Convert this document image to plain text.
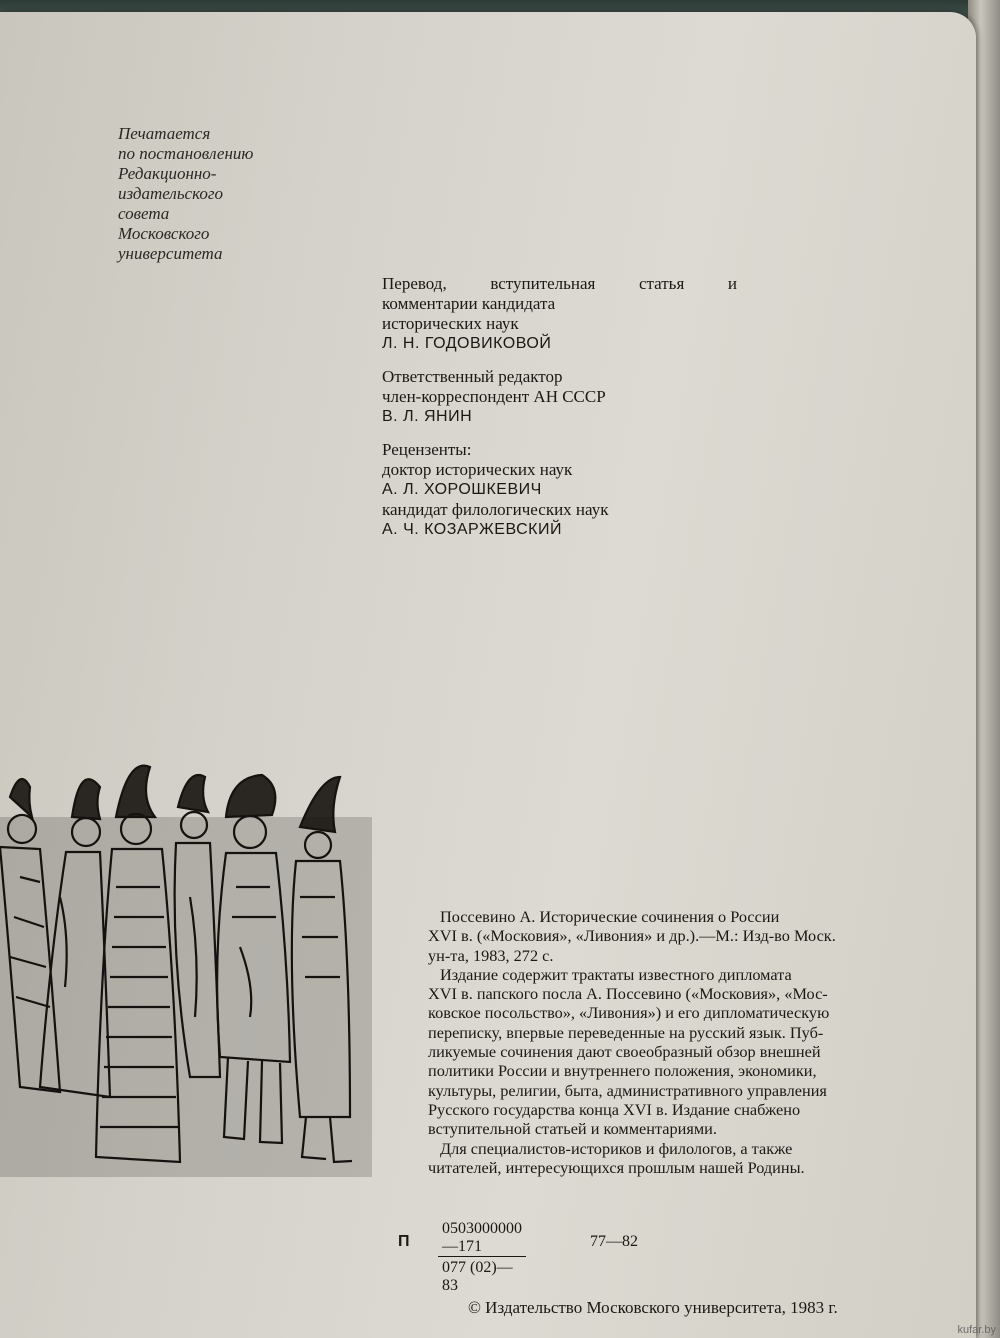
Печатается
по постановлению
Редакционно-
издательского
совета
Московского
университета
Перевод,	вступительная	статья	и
комментарии кандидата
исторических наук
Л. Н. ГОДОВИКОВОЙ
Ответственный редактор
член-корреспондент АН СССР
В. Л. ЯНИН
Рецензенты:
доктор исторических наук
А. Л. ХОРОШКЕВИЧ
кандидат филологических наук
А. Ч. КОЗАРЖЕВСКИЙ
Поссевино А. Исторические сочинения о России
XVI в. («Московия», «Ливония» и др.).—М.: Изд-во Моск.
ун-та, 1983, 272 с.
Издание содержит трактаты известного дипломата
XVI в. папского посла А. Поссевино («Московия», «Мос-
ковское посольство», «Ливония») и его дипломатическую
переписку, впервые переведенные на русский язык. Пуб-
ликуемые сочинения дают своеобразный обзор внешней
политики России и внутреннего положения, экономики,
культуры, религии, быта, административного управления
Русского государства конца XVI в. Издание снабжено
вступительной статьей и комментариями.
Для специалистов-историков и филологов, а также
читателей, интересующихся прошлым нашей Родины.
П $\frac{0503000000—171}{077 (02)—83}$	77—82
© Издательство Московского университета, 1983 г.
kufar.by
